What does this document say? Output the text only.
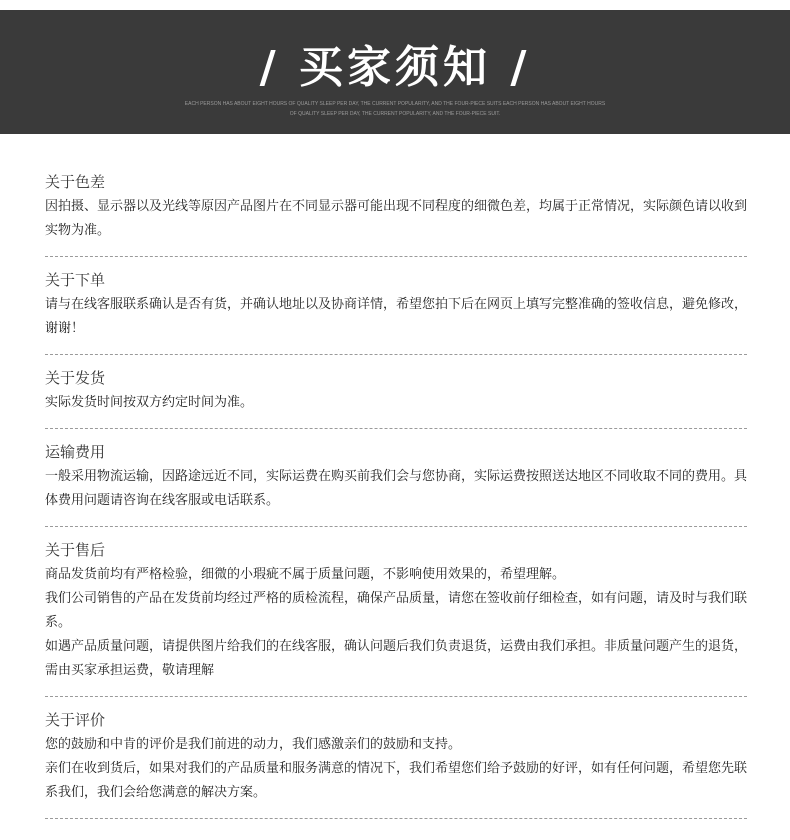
/ 买家须知 /
EACH PERSON HAS ABOUT EIGHT HOURS OF QUALITY SLEEP PER DAY, THE CURRENT POPULARITY, AND THE FOUR-PIECE SUITS EACH PERSON HAS ABOUT EIGHT HOURS
OF QUALITY SLEEP PER DAY, THE CURRENT POPULARITY, AND THE FOUR-PIECE SUIT.
关于色差

因拍摄、显示器以及光线等原因产品图片在不同显示器可能出现不同程度的细微色差，均属于正常情况，实际颜色请以收到实物为准。

关于下单

请与在线客服联系确认是否有货，并确认地址以及协商详情，希望您拍下后在网页上填写完整准确的签收信息，避免修改，谢谢！

关于发货

实际发货时间按双方约定时间为准。

运输费用

一般采用物流运输，因路途远近不同，实际运费在购买前我们会与您协商，实际运费按照送达地区不同收取不同的费用。具体费用问题请咨询在线客服或电话联系。

关于售后

商品发货前均有严格检验，细微的小瑕疵不属于质量问题，不影响使用效果的，希望理解。

我们公司销售的产品在发货前均经过严格的质检流程，确保产品质量，请您在签收前仔细检查，如有问题，请及时与我们联系。

如遇产品质量问题，请提供图片给我们的在线客服，确认问题后我们负责退货，运费由我们承担。非质量问题产生的退货，需由买家承担运费，敬请理解

关于评价

您的鼓励和中肯的评价是我们前进的动力，我们感激亲们的鼓励和支持。

亲们在收到货后，如果对我们的产品质量和服务满意的情况下，我们希望您们给予鼓励的好评，如有任何问题，希望您先联系我们，我们会给您满意的解决方案。
